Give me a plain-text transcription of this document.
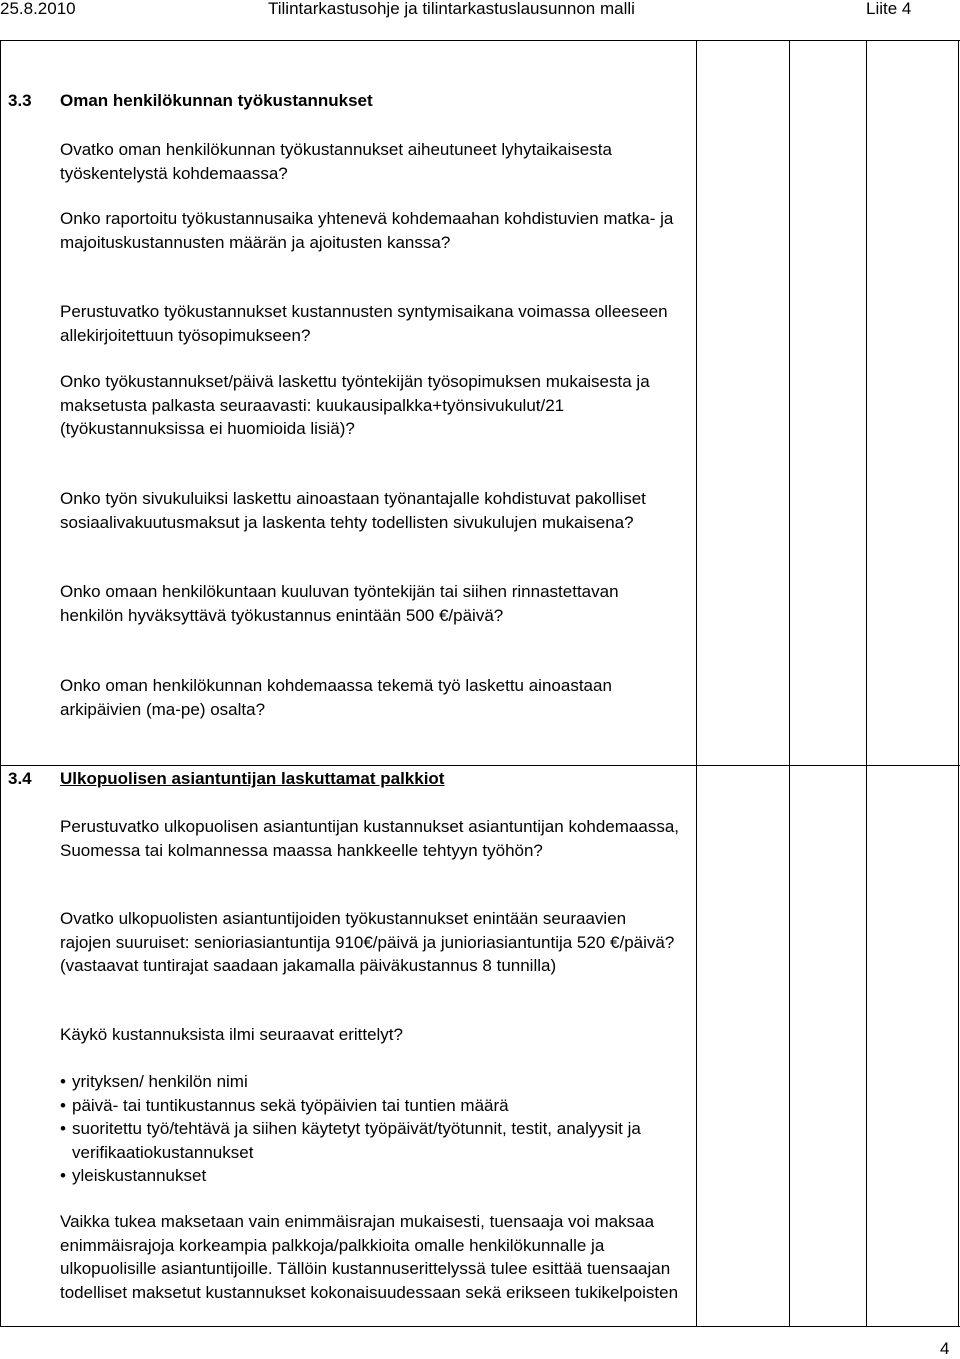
25.8.2010	Tilintarkastusohje ja tilintarkastuslausunnon malli	Liite 4
3.3 Oman henkilökunnan työkustannukset

Ovatko oman henkilökunnan työkustannukset aiheutuneet lyhytaikaisesta työskentelystä kohdemaassa?

Onko raportoitu työkustannusaika yhtenevä kohdemaahan kohdistuvien matka- ja majoituskustannusten määrän ja ajoitusten kanssa?

Perustuvatko työkustannukset kustannusten syntymisaikana voimassa olleeseen allekirjoitettuun työsopimukseen?

Onko työkustannukset/päivä laskettu työntekijän työsopimuksen mukaisesta ja maksetusta palkasta seuraavasti: kuukausipalkka+työnsivukulut/21 (työkustannuksissa ei huomioida lisiä)?

Onko työn sivukuluiksi laskettu ainoastaan työnantajalle kohdistuvat pakolliset sosiaalivakuutusmaksut ja laskenta tehty todellisten sivukulujen mukaisena?

Onko omaan henkilökuntaan kuuluvan työntekijän tai siihen rinnastettavan henkilön hyväksyttävä työkustannus enintään 500 €/päivä?

Onko oman henkilökunnan kohdemaassa tekemä työ laskettu ainoastaan arkipäivien (ma-pe) osalta?

3.4 Ulkopuolisen asiantuntijan laskuttamat palkkiot

Perustuvatko ulkopuolisen asiantuntijan kustannukset asiantuntijan kohdemaassa, Suomessa tai kolmannessa maassa hankkeelle tehtyyn työhön?

Ovatko ulkopuolisten asiantuntijoiden työkustannukset enintään seuraavien rajojen suuruiset: senioriasiantuntija 910€/päivä ja junioriasiantuntija 520 €/päivä? (vastaavat tuntirajat saadaan jakamalla päiväkustannus 8 tunnilla)

Käykö kustannuksista ilmi seuraavat erittelyt?

• yrityksen/ henkilön nimi
• päivä- tai tuntikustannus sekä työpäivien tai tuntien määrä
• suoritettu työ/tehtävä ja siihen käytetyt työpäivät/työtunnit, testit, analyysit ja verifikaatiokustannukset
• yleiskustannukset

Vaikka tukea maksetaan vain enimmäisrajan mukaisesti, tuensaaja voi maksaa enimmäisrajoja korkeampia palkkoja/palkkioita omalle henkilökunnalle ja ulkopuolisille asiantuntijoille. Tällöin kustannuserittelyssä tulee esittää tuensaajan todelliset maksetut kustannukset kokonaisuudessaan sekä erikseen tukikelpoisten

4
